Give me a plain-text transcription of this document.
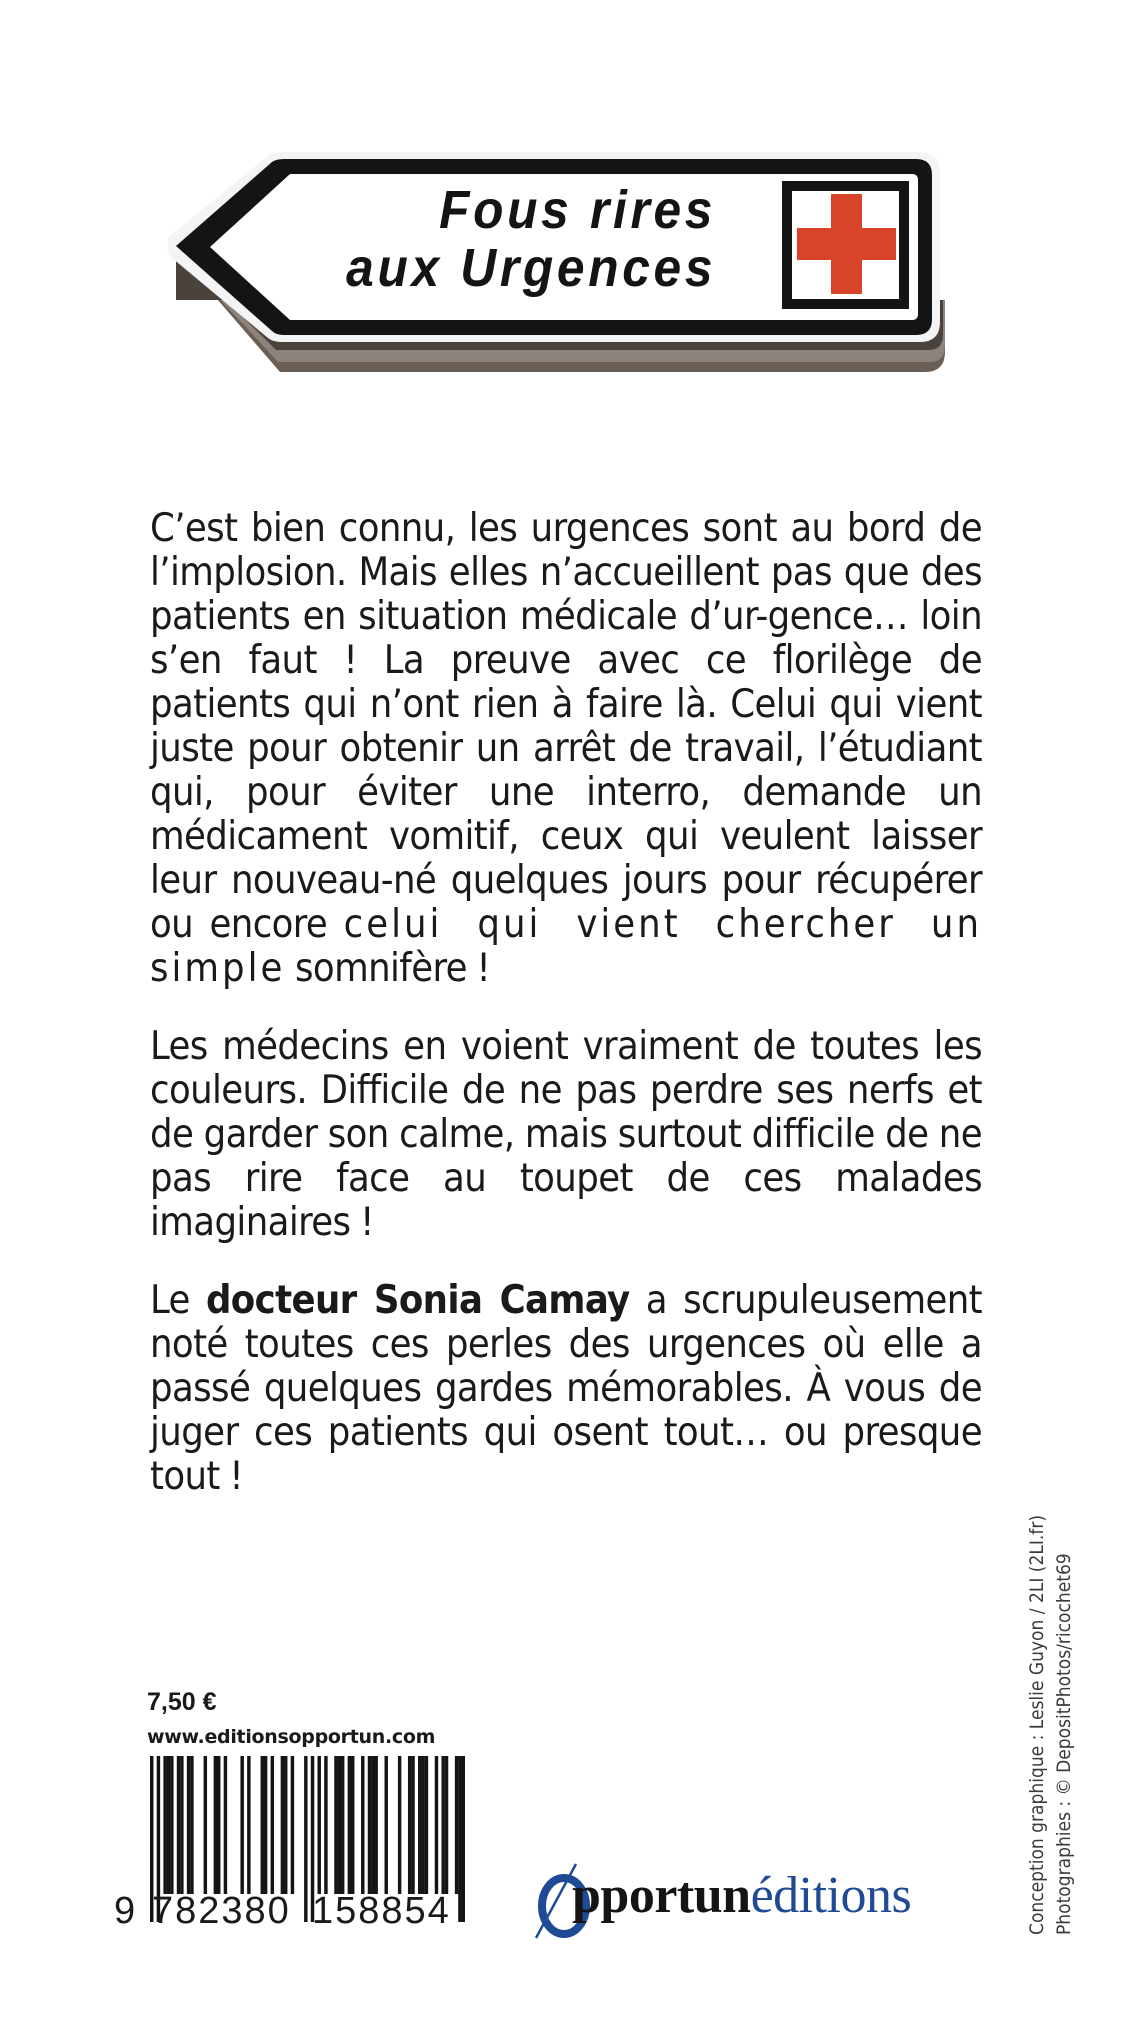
Fous rires
aux Urgences

C’est bien connu, les urgences sont au bord de l’implosion. Mais elles n’accueillent pas que des patients en situation médicale d’ur-gence… loin s’en faut ! La preuve avec ce florilège de patients qui n’ont rien à faire là. Celui qui vient juste pour obtenir un arrêt de travail, l’étudiant qui, pour éviter une interro, demande un médicament vomitif, ceux qui veulent laisser leur nouveau-né quelques jours pour récupérer ou encore celui qui vient chercher un simple somnifère !

Les médecins en voient vraiment de toutes les couleurs. Difficile de ne pas perdre ses nerfs et de garder son calme, mais surtout difficile de ne pas rire face au toupet de ces malades imaginaires !

Le docteur Sonia Camay a scrupuleusement noté toutes ces perles des urgences où elle a passé quelques gardes mémorables. À vous de juger ces patients qui osent tout… ou presque tout !

7,50 €
www.editionsopportun.com
9 782380 158854 pportunéditions	Conception graphique : Leslie Guyon / 2LI (2LI.fr) Photographies : © DepositPhotos/ricochet69
